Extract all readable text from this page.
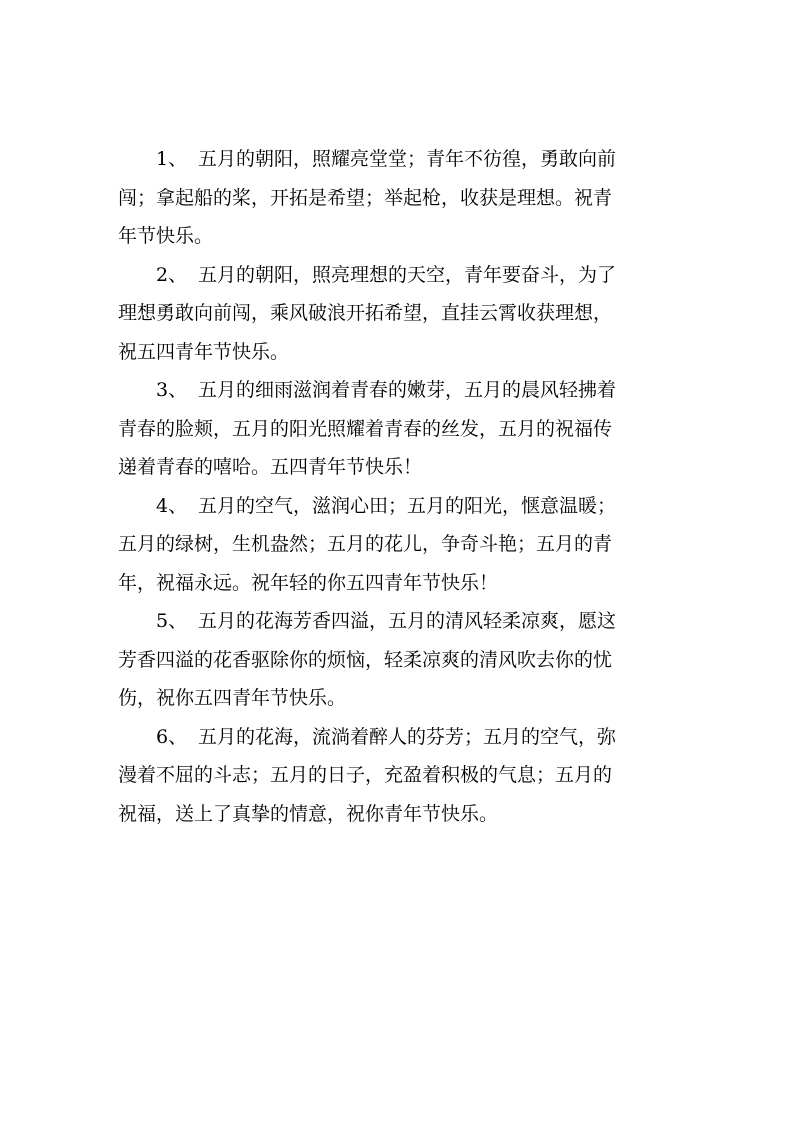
1、 五月的朝阳，照耀亮堂堂；青年不彷徨，勇敢向前
闯；拿起船的桨，开拓是希望；举起枪，收获是理想。祝青
年节快乐。

2、 五月的朝阳，照亮理想的天空，青年要奋斗，为了
理想勇敢向前闯，乘风破浪开拓希望，直挂云霄收获理想，
祝五四青年节快乐。

3、 五月的细雨滋润着青春的嫩芽，五月的晨风轻拂着
青春的脸颊，五月的阳光照耀着青春的丝发，五月的祝福传
递着青春的嘻哈。五四青年节快乐！

4、 五月的空气，滋润心田；五月的阳光，惬意温暖；
五月的绿树，生机盎然；五月的花儿，争奇斗艳；五月的青
年，祝福永远。祝年轻的你五四青年节快乐！

5、 五月的花海芳香四溢，五月的清风轻柔凉爽，愿这
芳香四溢的花香驱除你的烦恼，轻柔凉爽的清风吹去你的忧
伤，祝你五四青年节快乐。

6、 五月的花海，流淌着醉人的芬芳；五月的空气，弥
漫着不屈的斗志；五月的日子，充盈着积极的气息；五月的
祝福，送上了真挚的情意，祝你青年节快乐。
